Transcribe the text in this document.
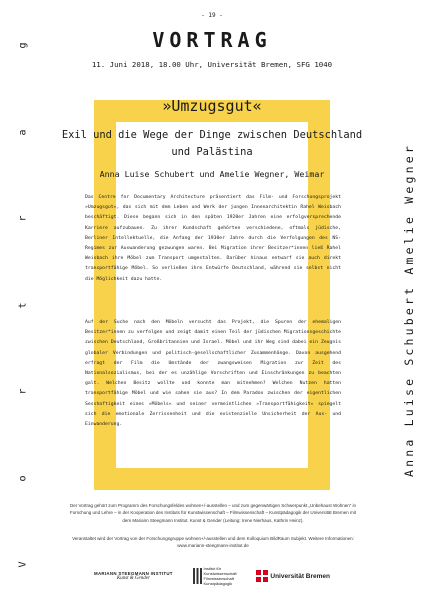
g
a
r
t
r
o
V
Anna Luise Schubert Amelie Wegner
- 19 -
VORTRAG
11. Juni 2018, 18.00 Uhr, Universität Bremen, SFG 1040
»Umzugsgut«
Exil und die Wege der Dinge zwischen Deutschland und Palästina
Anna Luise Schubert und Amelie Wegner, Weimar
Das Centre for Documentary Architecture präsentiert das Film- und Forschungsprojekt »Umzugsgut«, das sich mit dem Leben und Werk der jungen Innenarchitektin Rahel Weisbach beschäftigt. Diese begann sich in den späten 1920er Jahren eine erfolgversprechende Karriere aufzubauen. Zu ihrer Kundschaft gehörten verschiedene, oftmals jüdische, Berliner Intellektuelle, die Anfang der 1930er Jahre durch die Verfolgungen des NS-Regimes zur Auswanderung gezwungen waren. Bei Migration ihrer Besitzer*innen ließ Rahel Weisbach ihre Möbel zum Transport umgestalten. Darüber hinaus entwarf sie auch direkt transportfähige Möbel. So verließen ihre Entwürfe Deutschland, während sie selbst nicht die Möglichkeit dazu hatte.
Auf der Suche nach den Möbeln versucht das Projekt, die Spuren der ehemaligen Besitzer*innen zu verfolgen und zeigt damit einen Teil der jüdischen Migrationsgeschichte zwischen Deutschland, Großbritannien und Israel. Möbel und ihr Weg sind dabei ein Zeugnis globaler Verbindungen und politisch-gesellschaftlicher Zusammenhänge. Davon ausgehend erfragt der Film die Umstände der zwangsweisen Migration zur Zeit des Nationalsozialismus, bei der es unzählige Vorschriften und Einschränkungen zu beachten galt. Welchen Besitz wollte und konnte man mitnehmen? Welchen Nutzen hatten transportfähige Möbel und wie sahen sie aus? In dem Paradox zwischen der eigentlichen Sesshaftigkeit eines »Möbels« und seiner vermeintlichen »Transportfähigkeit« spiegelt sich die emotionale Zerrissenheit und die existenzielle Unsicherheit der Aus- und Einwanderung.
Der Vortrag gehört zum Programm des Forschungsfeldes wohnen+/-ausstellen – und zum gegenwärtigen Schwerpunkt „Unbehaust Wohnen“ in Forschung und Lehre – in der Kooperation des Instituts für Kunstwissenschaft – Filmwissenschaft – Kunstpädagogik der Universität Bremen mit dem Mariann Steegmann Institut. Kunst & Gender (Leitung: Irene Nierhaus, Kathrin Heinz).
Veranstaltet wird der Vortrag von der Forschungsgruppe wohnen+/-ausstellen und dem Kolloquium BildRaum Subjekt. Weitere Informationen: www.mariann-steegmann-institut.de
MARIANN STEEGMANN INSTITUT
Kunst & Gender
Institut für
Kunstwissenschaft
Filmwissenschaft
Kunstpädagogik
Universität Bremen
